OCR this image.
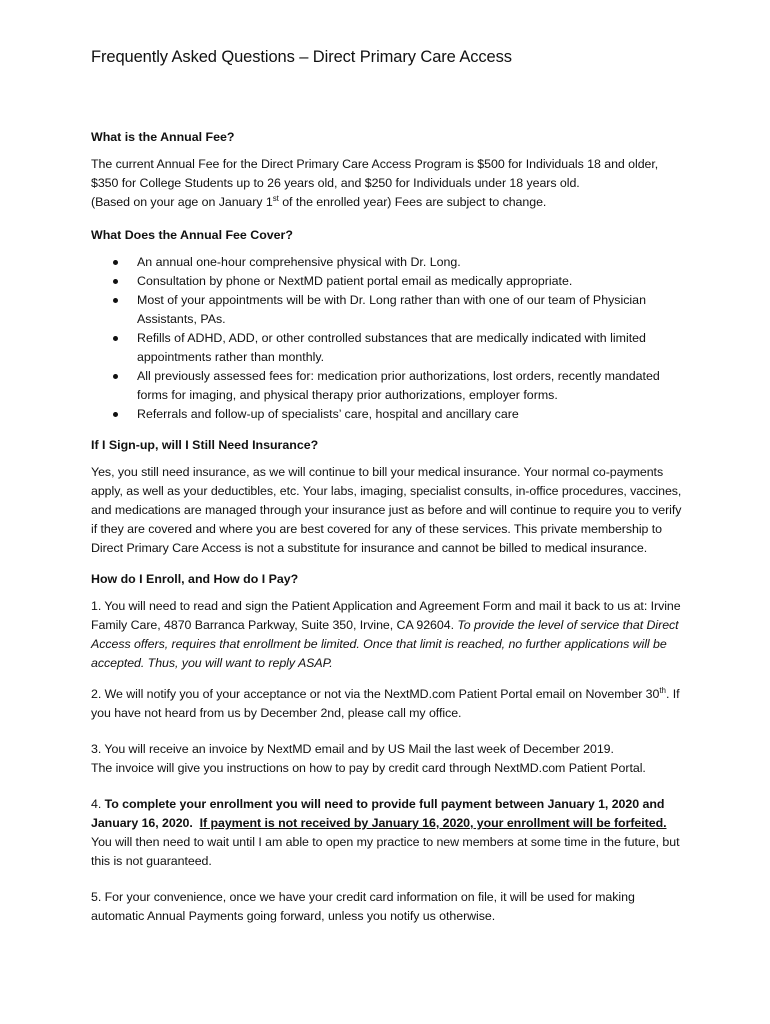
Frequently Asked Questions – Direct Primary Care Access
What is the Annual Fee?

The current Annual Fee for the Direct Primary Care Access Program is $500 for Individuals 18 and older,
$350 for College Students up to 26 years old, and $250 for Individuals under 18 years old.
(Based on your age on January 1st of the enrolled year) Fees are subject to change.

What Does the Annual Fee Cover?
An annual one-hour comprehensive physical with Dr. Long.
Consultation by phone or NextMD patient portal email as medically appropriate.
Most of your appointments will be with Dr. Long rather than with one of our team of Physician Assistants, PAs.
Refills of ADHD, ADD, or other controlled substances that are medically indicated with limited appointments rather than monthly.
All previously assessed fees for: medication prior authorizations, lost orders, recently mandated forms for imaging, and physical therapy prior authorizations, employer forms.
Referrals and follow-up of specialists’ care, hospital and ancillary care
If I Sign-up, will I Still Need Insurance?

Yes, you still need insurance, as we will continue to bill your medical insurance. Your normal co-payments apply, as well as your deductibles, etc. Your labs, imaging, specialist consults, in-office procedures, vaccines, and medications are managed through your insurance just as before and will continue to require you to verify if they are covered and where you are best covered for any of these services. This private membership to Direct Primary Care Access is not a substitute for insurance and cannot be billed to medical insurance.

How do I Enroll, and How do I Pay?

1. You will need to read and sign the Patient Application and Agreement Form and mail it back to us at: Irvine Family Care, 4870 Barranca Parkway, Suite 350, Irvine, CA 92604. To provide the level of service that Direct Access offers, requires that enrollment be limited. Once that limit is reached, no further applications will be accepted. Thus, you will want to reply ASAP.

2. We will notify you of your acceptance or not via the NextMD.com Patient Portal email on November 30th. If you have not heard from us by December 2nd, please call my office.

3. You will receive an invoice by NextMD email and by US Mail the last week of December 2019.
The invoice will give you instructions on how to pay by credit card through NextMD.com Patient Portal.

4. To complete your enrollment you will need to provide full payment between January 1, 2020 and January 16, 2020. If payment is not received by January 16, 2020, your enrollment will be forfeited.
You will then need to wait until I am able to open my practice to new members at some time in the future, but this is not guaranteed.

5. For your convenience, once we have your credit card information on file, it will be used for making automatic Annual Payments going forward, unless you notify us otherwise.
